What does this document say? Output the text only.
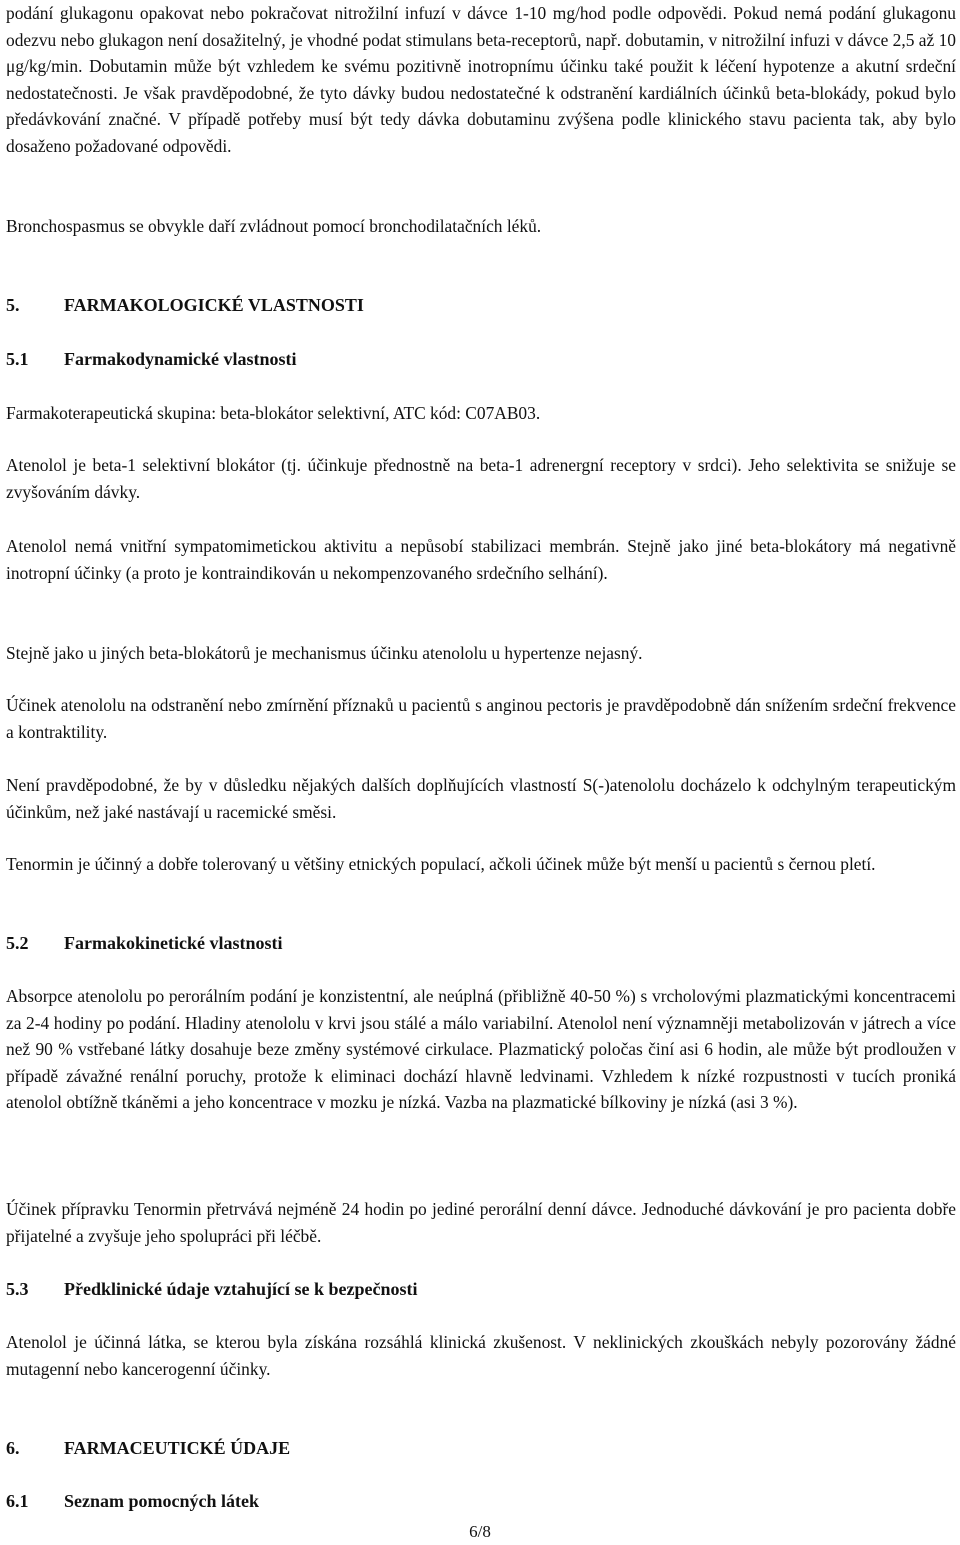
podání glukagonu opakovat nebo pokračovat nitrožilní infuzí v dávce 1-10 mg/hod podle odpovědi. Pokud nemá podání glukagonu odezvu nebo glukagon není dosažitelný, je vhodné podat stimulans beta-receptorů, např. dobutamin, v nitrožilní infuzi v dávce 2,5 až 10 μg/kg/min. Dobutamin může být vzhledem ke svému pozitivně inotropnímu účinku také použit k léčení hypotenze a akutní srdeční nedostatečnosti. Je však pravděpodobné, že tyto dávky budou nedostatečné k odstranění kardiálních účinků beta-blokády, pokud bylo předávkování značné. V případě potřeby musí být tedy dávka dobutaminu zvýšena podle klinického stavu pacienta tak, aby bylo dosaženo požadované odpovědi.

Bronchospasmus se obvykle daří zvládnout pomocí bronchodilatačních léků.

5. FARMAKOLOGICKÉ VLASTNOSTI
5.1 Farmakodynamické vlastnosti

Farmakoterapeutická skupina: beta-blokátor selektivní, ATC kód: C07AB03.

Atenolol je beta-1 selektivní blokátor (tj. účinkuje přednostně na beta-1 adrenergní receptory v srdci). Jeho selektivita se snižuje se zvyšováním dávky.

Atenolol nemá vnitřní sympatomimetickou aktivitu a nepůsobí stabilizaci membrán. Stejně jako jiné beta-blokátory má negativně inotropní účinky (a proto je kontraindikován u nekompenzovaného srdečního selhání).

Stejně jako u jiných beta-blokátorů je mechanismus účinku atenololu u hypertenze nejasný.

Účinek atenololu na odstranění nebo zmírnění příznaků u pacientů s anginou pectoris je pravděpodobně dán snížením srdeční frekvence a kontraktility.

Není pravděpodobné, že by v důsledku nějakých dalších doplňujících vlastností S(-)atenololu docházelo k odchylným terapeutickým účinkům, než jaké nastávají u racemické směsi.

Tenormin je účinný a dobře tolerovaný u většiny etnických populací, ačkoli účinek může být menší u pacientů s černou pletí.

5.2 Farmakokinetické vlastnosti

Absorpce atenololu po perorálním podání je konzistentní, ale neúplná (přibližně 40-50 %) s vrcholovými plazmatickými koncentracemi za 2-4 hodiny po podání. Hladiny atenololu v krvi jsou stálé a málo variabilní. Atenolol není významněji metabolizován v játrech a více než 90 % vstřebané látky dosahuje beze změny systémové cirkulace. Plazmatický poločas činí asi 6 hodin, ale může být prodloužen v případě závažné renální poruchy, protože k eliminaci dochází hlavně ledvinami. Vzhledem k nízké rozpustnosti v tucích proniká atenolol obtížně tkáněmi a jeho koncentrace v mozku je nízká. Vazba na plazmatické bílkoviny je nízká (asi 3 %).

Účinek přípravku Tenormin přetrvává nejméně 24 hodin po jediné perorální denní dávce. Jednoduché dávkování je pro pacienta dobře přijatelné a zvyšuje jeho spolupráci při léčbě.

5.3 Předklinické údaje vztahující se k bezpečnosti

Atenolol je účinná látka, se kterou byla získána rozsáhlá klinická zkušenost. V neklinických zkouškách nebyly pozorovány žádné mutagenní nebo kancerogenní účinky.

6. FARMACEUTICKÉ ÚDAJE
6.1 Seznam pomocných látek
6/8
